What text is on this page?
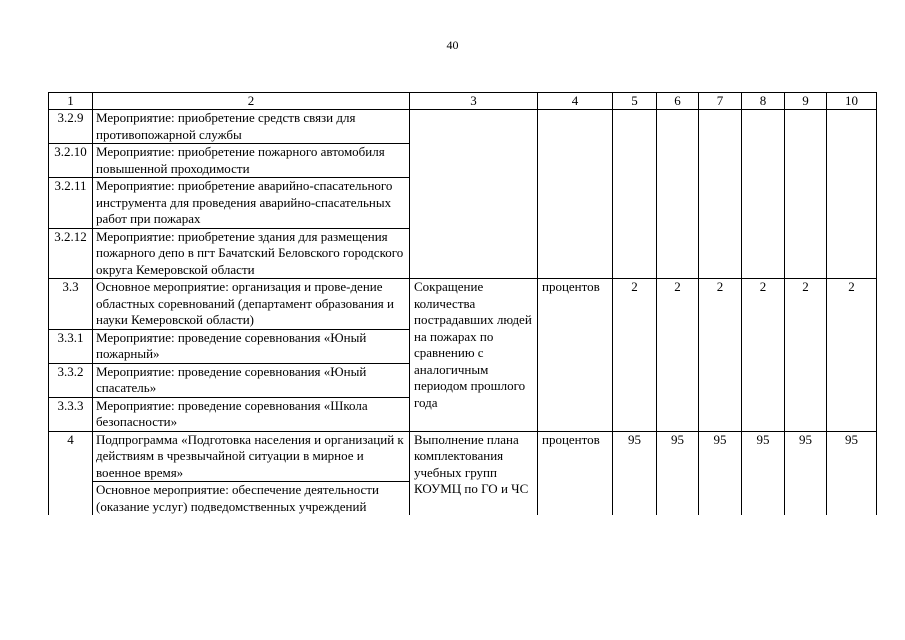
40
1	2	3	4	5	6	7	8	9	10
3.2.9	Мероприятие: приобретение средств связи для противопожарной службы								
3.2.10	Мероприятие: приобретение пожарного автомобиля повышенной проходимости								
3.2.11	Мероприятие: приобретение аварийно-спасательного инструмента для проведения аварийно-спасательных работ при пожарах								
3.2.12	Мероприятие: приобретение здания для размещения пожарного депо в пгт Бачатский Беловского городского округа Кемеровской области								
3.3	Основное мероприятие: организация и прове-дение областных соревнований (департамент образования и науки Кемеровской области)	Сокращение количества пострадавших людей на пожарах по сравнению с аналогичным периодом прошлого года	процентов	2	2	2	2	2	2
3.3.1	Мероприятие: проведение соревнования «Юный пожарный»								
3.3.2	Мероприятие: проведение соревнования «Юный спасатель»								
3.3.3	Мероприятие: проведение соревнования «Школа безопасности»								
4	Подпрограмма «Подготовка населения и организаций к действиям в чрезвычайной ситуации в мирное и военное время»	Выполнение плана комплектования учебных групп КОУМЦ по ГО и ЧС	процентов	95	95	95	95	95	95
	Основное мероприятие: обеспечение деятельности (оказание услуг) подведомственных учреждений								
